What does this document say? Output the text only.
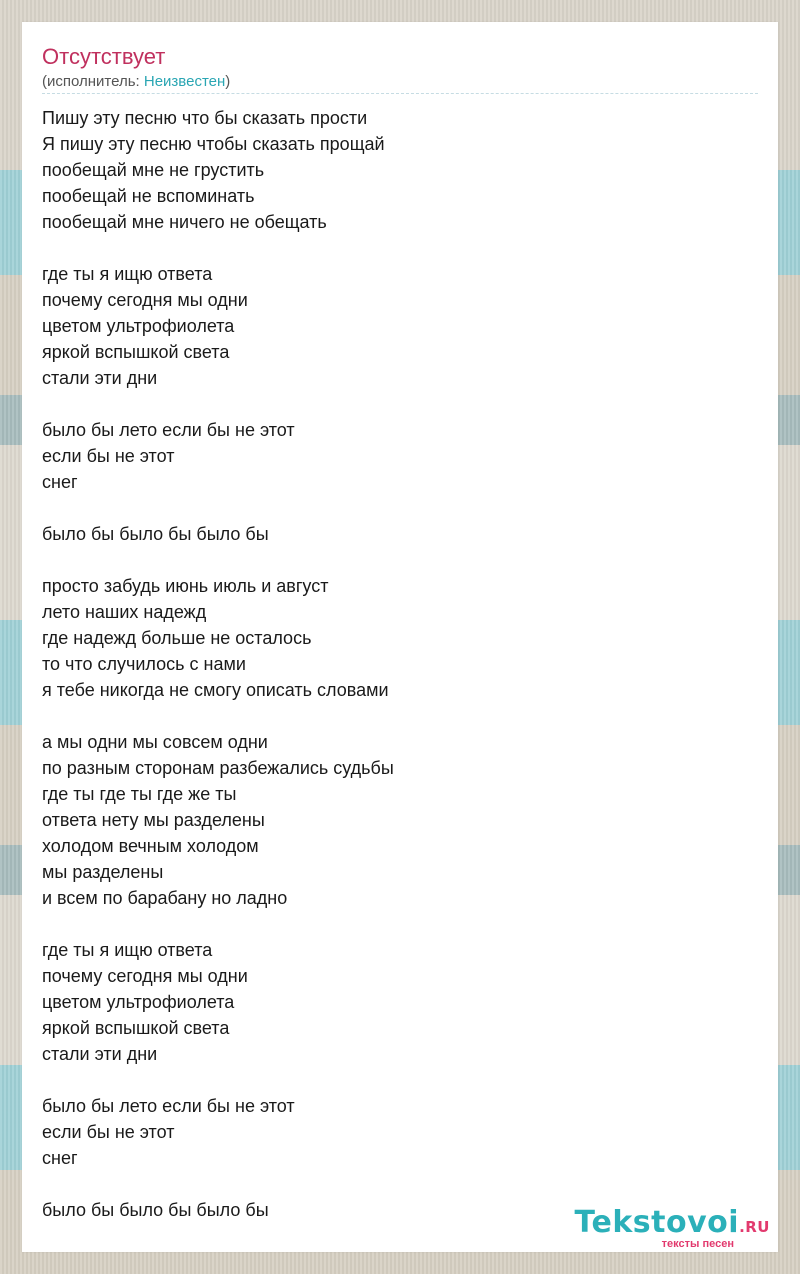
Отсутствует
(исполнитель: Неизвестен)
Пишу эту песню что бы сказать прости
Я пишу эту песню чтобы сказать прощай
пообещай мне не грустить
пообещай не вспоминать
пообещай мне ничего не обещать
где ты я ищю ответа
почему сегодня мы одни
цветом ультрофиолета
яркой вспышкой света
стали эти дни
было бы лето если бы не этот
если бы не этот
снег
было бы было бы было бы
просто забудь июнь июль и август
лето наших надежд
где надежд больше не осталось
то что случилось с нами
я тебе никогда не смогу описать словами
а мы одни мы совсем одни
по разным сторонам разбежались судьбы
где ты где ты где же ты
ответа нету мы разделены
холодом вечным холодом
мы разделены
и всем по барабану но ладно
где ты я ищю ответа
почему сегодня мы одни
цветом ультрофиолета
яркой вспышкой света
стали эти дни
было бы лето если бы не этот
если бы не этот
снег
было бы было бы было бы	Tekstovoi.RU
тексты песен
